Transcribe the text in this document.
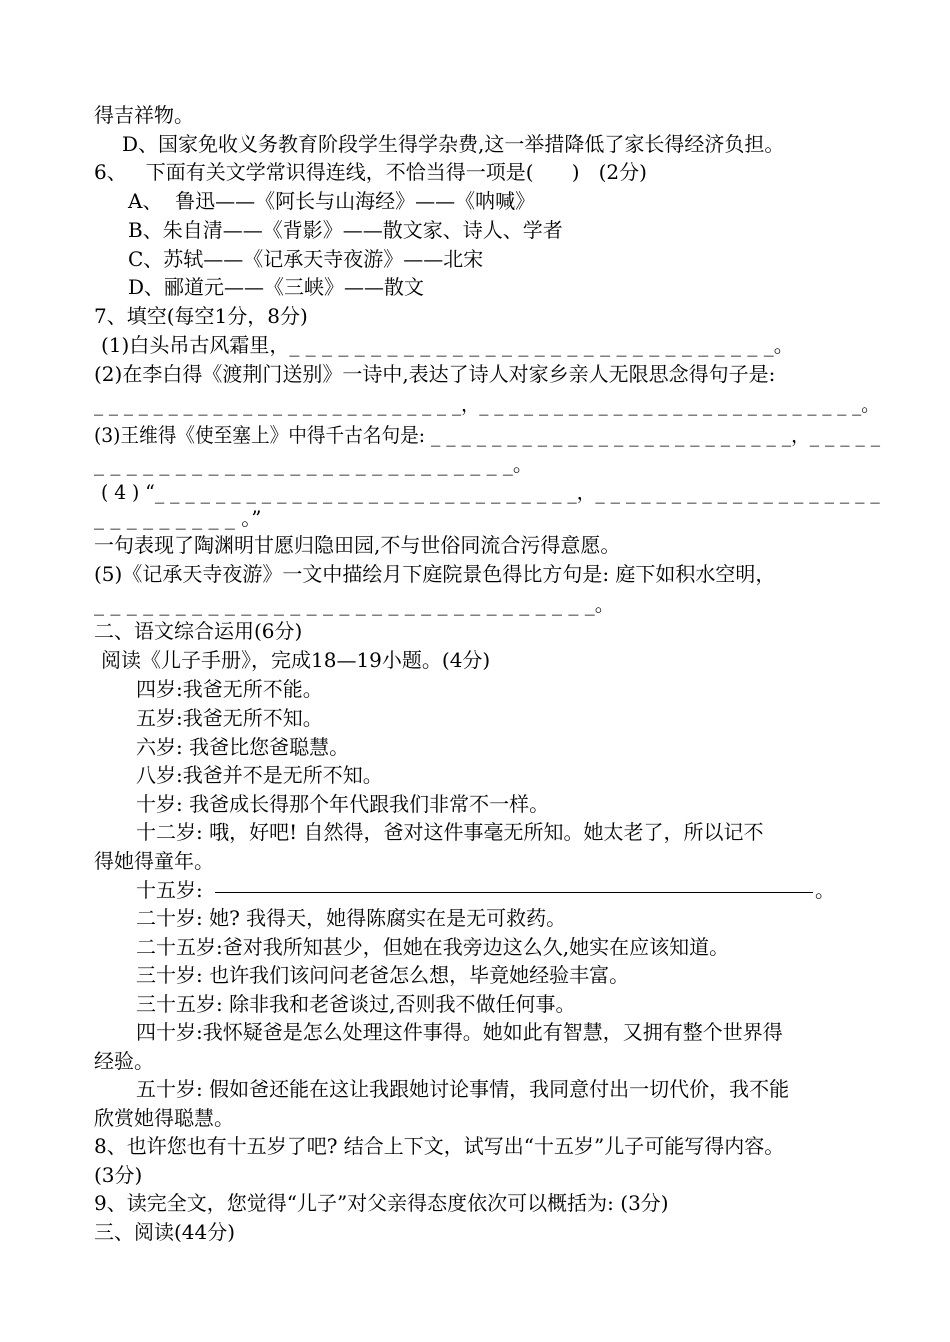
得吉祥物。
D、国家免收义务教育阶段学生得学杂费,这一举措降低了家长得经济负担。
6、   下面有关文学常识得连线，不恰当得一项是(      )   (2分)
A、  鲁迅——《阿长与山海经》——《呐喊》
B、朱自清——《背影》——散文家、诗人、学者
C、苏轼——《记承天寺夜游》——北宋
D、郦道元——《三峡》——散文
7、填空(每空1分，8分)
(1)白头吊古风霜里，_ _ _ _ _ _ _ _ _ _ _ _ _ _ _ _ _ _ _ _ _ _ _ _ _ _ _ _ _ _。
(2)在李白得《渡荆门送别》一诗中,表达了诗人对家乡亲人无限思念得句子是:
_ _ _ _ _ _ _ _ _ _ _ _ _ _ _ _ _ _ _ _ _ _ _ _ _，_ _ _ _ _ _ _ _ _ _ _ _ _ _ _ _ _ _ _ _ _ _ _ _ _ _。
(3)王维得《使至塞上》中得千古名句是: _ _ _ _ _ _ _ _ _ _ _ _ _ _ _ _ _ _ _ _ _ _ _ _，_ _ _ _ _
_ _ _ _ _ _ _ _ _ _ _ _ _ _ _ _ _ _ _ _ _ _ _ _ _ _。
( 4 ) “_ _ _ _ _ _ _ _ _ _ _ _ _ _ _ _ _ _ _ _ _ _ _ _ _ _ _ _，_ _ _ _ _ _ _ _ _ _ _ _ _ _ _ _ _ _ _
_ _ _ _ _ _ _ _ _ 。”
一句表现了陶渊明甘愿归隐田园,不与世俗同流合污得意愿。
(5)《记承天寺夜游》一文中描绘月下庭院景色得比方句是: 庭下如积水空明，
_ _ _ _ _ _ _ _ _ _ _ _ _ _ _ _ _ _ _ _ _ _ _ _ _ _ _ _ _ _ _。
二、语文综合运用(6分)
阅读《儿子手册》，完成18—19小题。(4分)
四岁:我爸无所不能。
五岁:我爸无所不知。
六岁: 我爸比您爸聪慧。
八岁:我爸并不是无所不知。
十岁: 我爸成长得那个年代跟我们非常不一样。
十二岁: 哦，好吧! 自然得，爸对这件事毫无所知。她太老了，所以记不
得她得童年。
十五岁:	。
二十岁: 她? 我得天，她得陈腐实在是无可救药。
二十五岁:爸对我所知甚少，但她在我旁边这么久,她实在应该知道。
三十岁: 也许我们该问问老爸怎么想，毕竟她经验丰富。
三十五岁: 除非我和老爸谈过,否则我不做任何事。
四十岁:我怀疑爸是怎么处理这件事得。她如此有智慧，又拥有整个世界得
经验。
五十岁: 假如爸还能在这让我跟她讨论事情，我同意付出一切代价，我不能
欣赏她得聪慧。
8、也许您也有十五岁了吧? 结合上下文，试写出“十五岁”儿子可能写得内容。
(3分)
9、读完全文，您觉得“儿子”对父亲得态度依次可以概括为: (3分)
三、阅读(44分)
